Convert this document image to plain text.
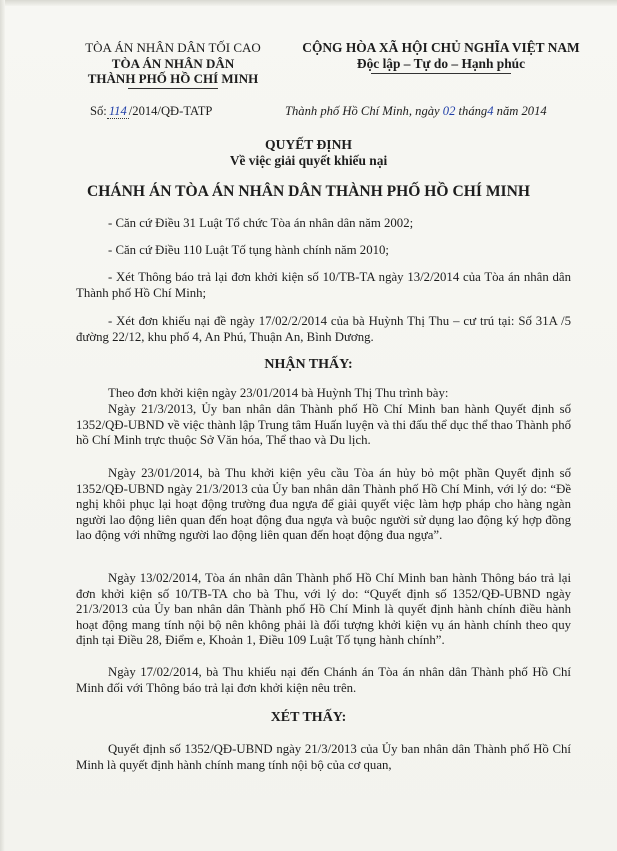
TÒA ÁN NHÂN DÂN TỐI CAO
TÒA ÁN NHÂN DÂN
THÀNH PHỐ HỒ CHÍ MINH
CỘNG HÒA XÃ HỘI CHỦ NGHĨA VIỆT NAM
Độc lập – Tự do – Hạnh phúc
Số: 114 /2014/QĐ-TATP	Thành phố Hồ Chí Minh, ngày 02 tháng4 năm 2014
QUYẾT ĐỊNH
Về việc giải quyết khiếu nại
CHÁNH ÁN TÒA ÁN NHÂN DÂN THÀNH PHỐ HỒ CHÍ MINH

- Căn cứ Điều 31 Luật Tổ chức Tòa án nhân dân năm 2002;

- Căn cứ Điều 110 Luật Tố tụng hành chính năm 2010;

- Xét Thông báo trả lại đơn khởi kiện số 10/TB-TA ngày 13/2/2014 của Tòa án nhân dân Thành phố Hồ Chí Minh;

- Xét đơn khiếu nại đề ngày 17/02/2/2014 của bà Huỳnh Thị Thu – cư trú tại: Số 31A /5 đường 22/12, khu phố 4, An Phú, Thuận An, Bình Dương.

NHẬN THẤY:

Theo đơn khởi kiện ngày 23/01/2014 bà Huỳnh Thị Thu trình bày:

Ngày 21/3/2013, Ủy ban nhân dân Thành phố Hồ Chí Minh ban hành Quyết định số 1352/QĐ-UBND về việc thành lập Trung tâm Huấn luyện và thi đấu thể dục thể thao Thành phố hồ Chí Minh trực thuộc Sở Văn hóa, Thể thao và Du lịch.

Ngày 23/01/2014, bà Thu khởi kiện yêu cầu Tòa án hủy bỏ một phần Quyết định số 1352/QĐ-UBND ngày 21/3/2013 của Ủy ban nhân dân Thành phố Hồ Chí Minh, với lý do: “Đề nghị khôi phục lại hoạt động trường đua ngựa để giải quyết việc làm hợp pháp cho hàng ngàn người lao động liên quan đến hoạt động đua ngựa và buộc người sử dụng lao động ký hợp đồng lao động với những người lao động liên quan đến hoạt động đua ngựa”.

Ngày 13/02/2014, Tòa án nhân dân Thành phố Hồ Chí Minh ban hành Thông báo trả lại đơn khởi kiện số 10/TB-TA cho bà Thu, với lý do: “Quyết định số 1352/QĐ-UBND ngày 21/3/2013 của Ủy ban nhân dân Thành phố Hồ Chí Minh là quyết định hành chính điều hành hoạt động mang tính nội bộ nên không phải là đối tượng khởi kiện vụ án hành chính theo quy định tại Điều 28, Điểm e, Khoản 1, Điều 109 Luật Tố tụng hành chính”.

Ngày 17/02/2014, bà Thu khiếu nại đến Chánh án Tòa án nhân dân Thành phố Hồ Chí Minh đối với Thông báo trả lại đơn khởi kiện nêu trên.

XÉT THẤY:

Quyết định số 1352/QĐ-UBND ngày 21/3/2013 của Ủy ban nhân dân Thành phố Hồ Chí Minh là quyết định hành chính mang tính nội bộ của cơ quan,
